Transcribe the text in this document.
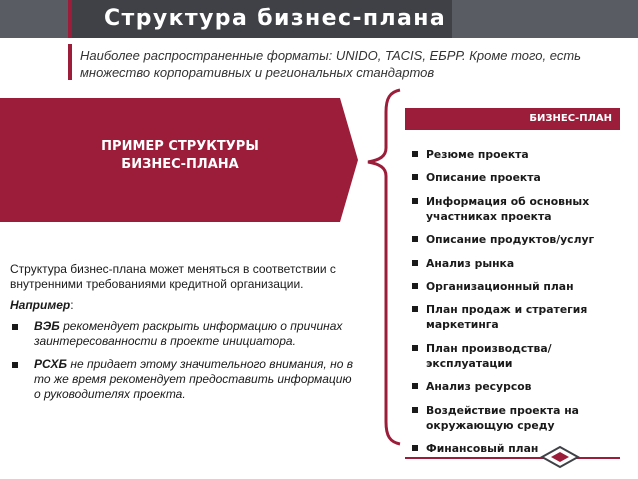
Структура бизнес-плана
Наиболее распространенные форматы: UNIDO, TACIS, ЕБРР. Кроме того, есть множество корпоративных и региональных стандартов
ПРИМЕР СТРУКТУРЫ
БИЗНЕС-ПЛАНА
БИЗНЕС-ПЛАН
Резюме проекта
Описание проекта
Информация об основных участниках проекта
Описание продуктов/услуг
Анализ рынка
Организационный план
План продаж и стратегия маркетинга
План производства/эксплуатации
Анализ ресурсов
Воздействие проекта на окружающую среду
Финансовый план

Структура бизнес-плана может меняться в соответствии с внутренними требованиями кредитной организации.

Например:

ВЭБ рекомендует раскрыть информацию о причинах заинтересованности в проекте инициатора.
РСХБ не придает этому значительного внимания, но в то же время рекомендует предоставить информацию о руководителях проекта.
